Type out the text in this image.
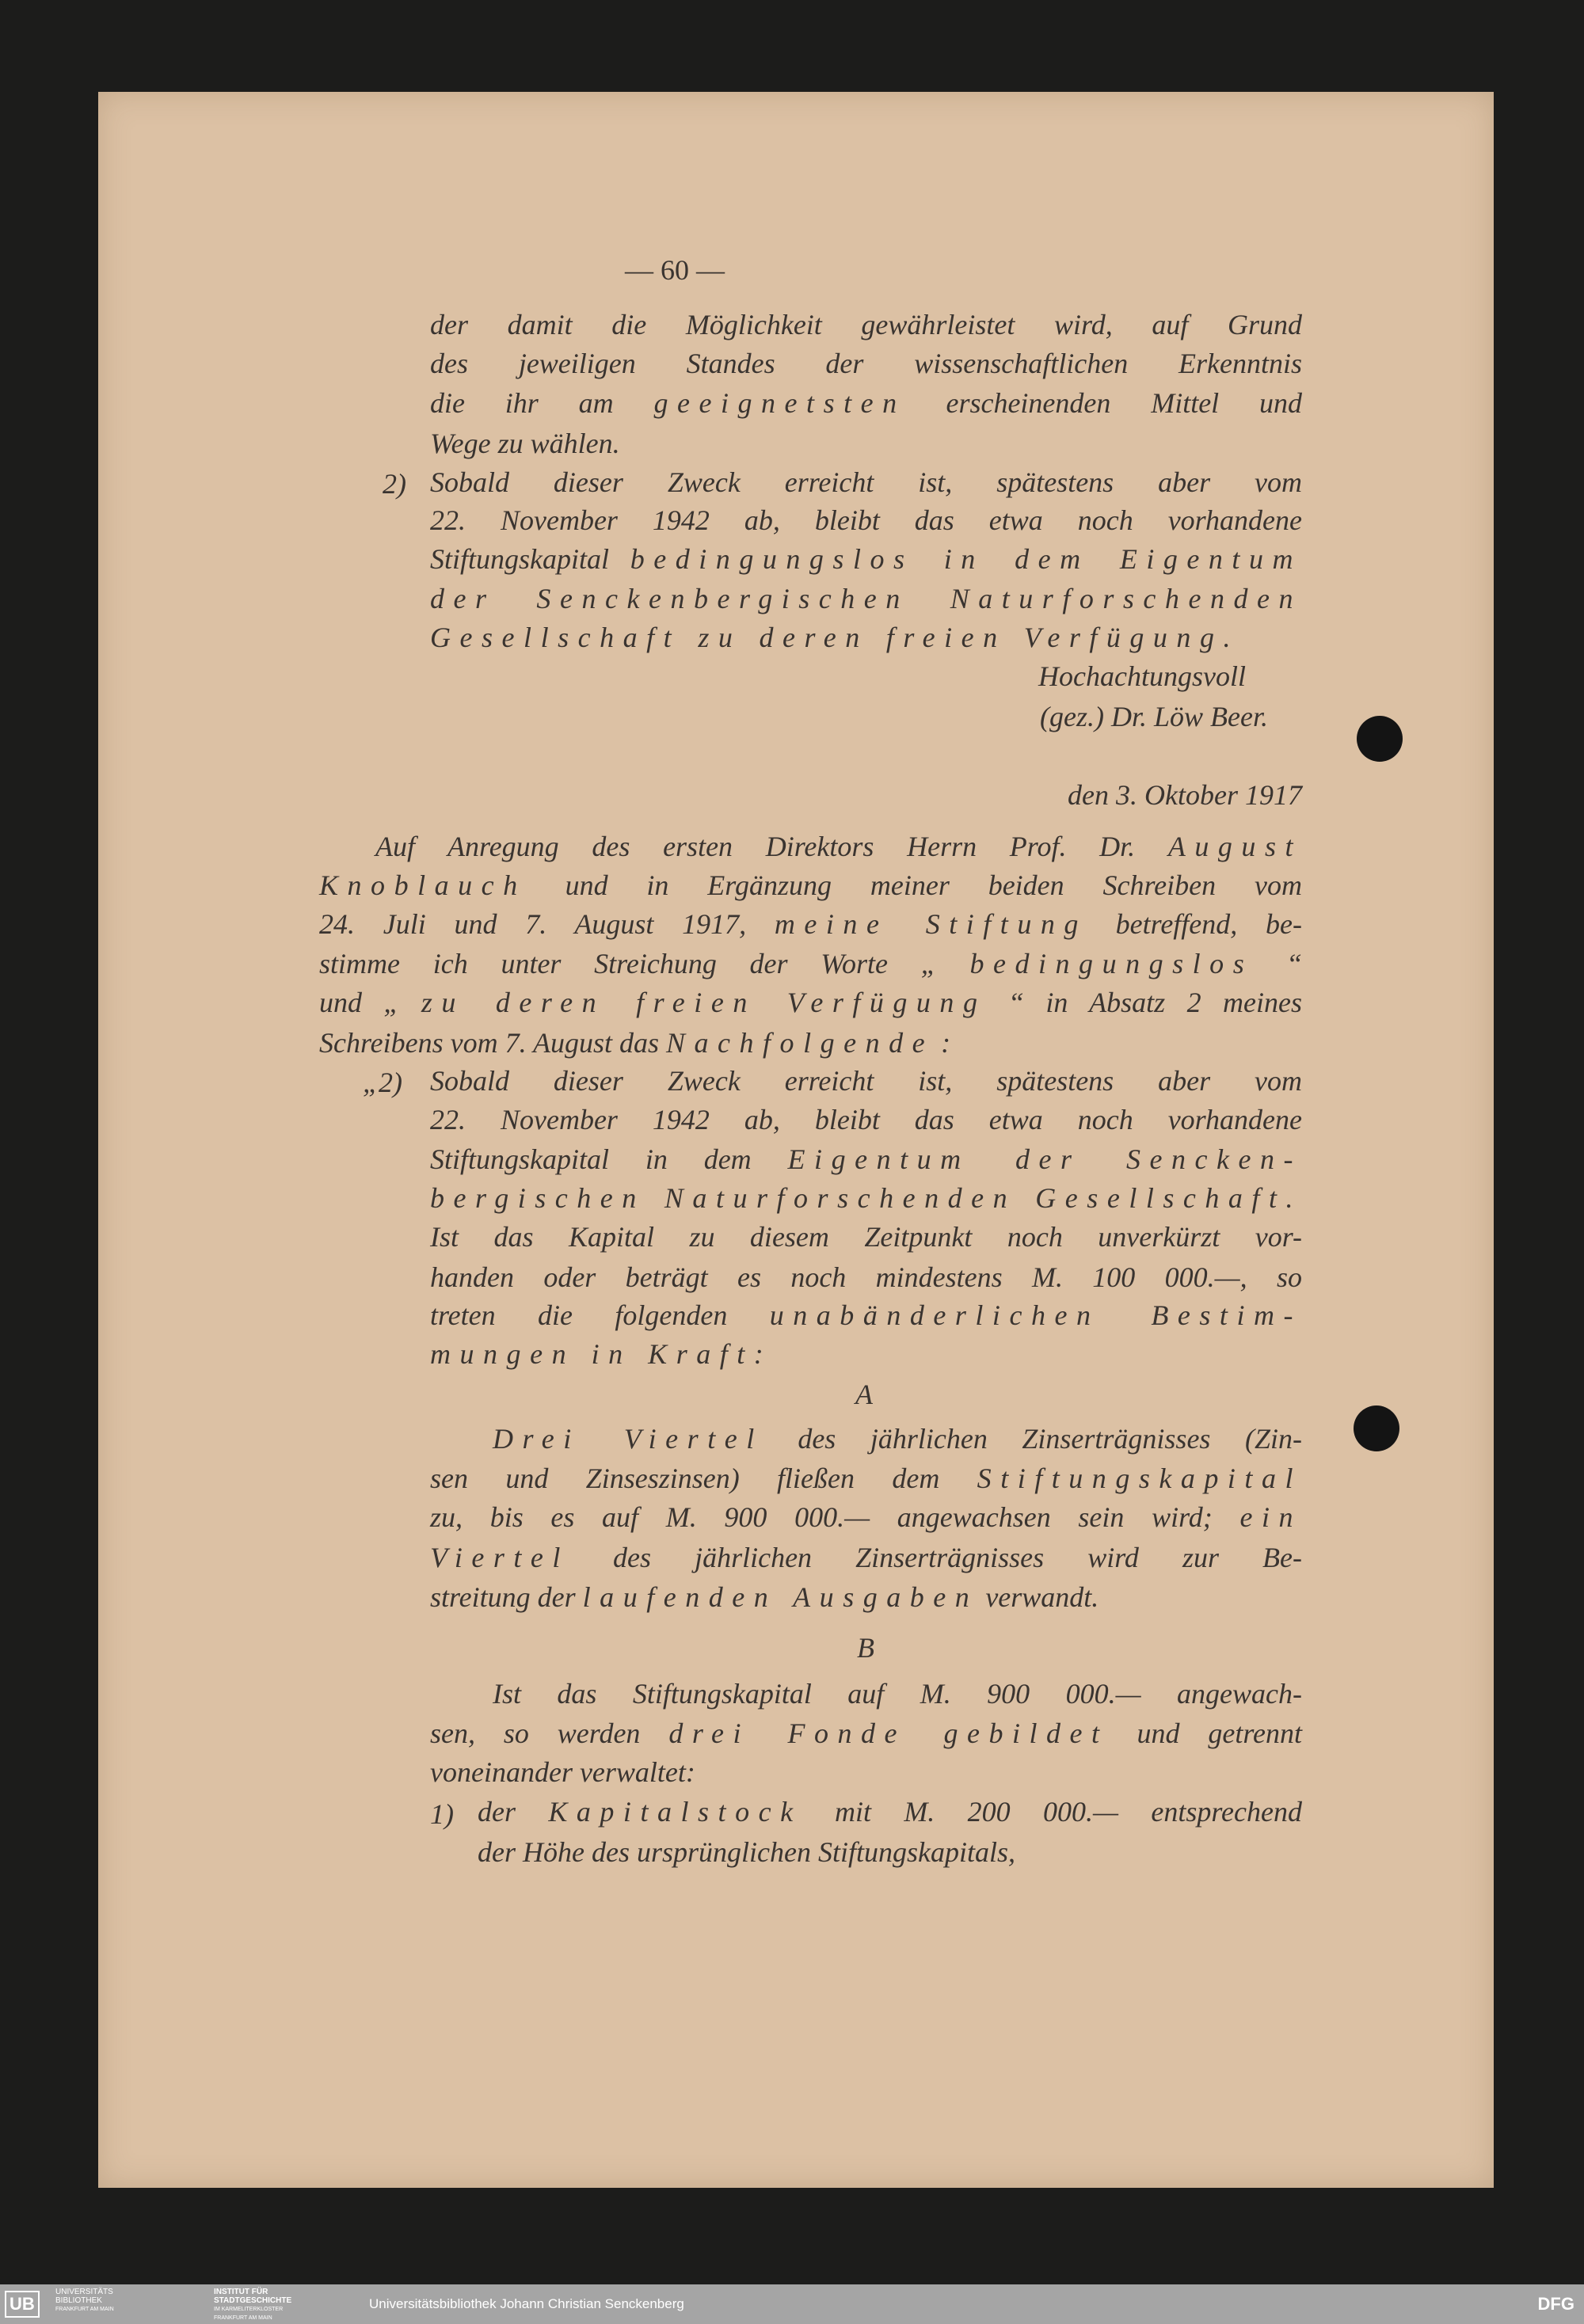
— 60 —
der damit die Möglichkeit gewährleistet wird, auf Grund
des jeweiligen Standes der wissenschaftlichen Erkenntnis
die ihr am geeignetsten erscheinenden Mittel und
Wege zu wählen.
Sobald dieser Zweck erreicht ist, spätestens aber vom
22. November 1942 ab, bleibt das etwa noch vorhandene
Stiftungskapital bedingungslos in dem Eigentum
der Senckenbergischen Naturforschenden
Gesellschaft zu deren freien Verfügung.
Hochachtungsvoll
(gez.) Dr. Löw Beer.
den 3. Oktober 1917
Auf Anregung des ersten Direktors Herrn Prof. Dr. August
Knoblauch und in Ergänzung meiner beiden Schreiben vom
24. Juli und 7. August 1917, meine Stiftung betreffend, be-
stimme ich unter Streichung der Worte „ bedingungslos “
und „ zu deren freien Verfügung “ in Absatz 2 meines
Schreibens vom 7. August das Nachfolgende :
Sobald dieser Zweck erreicht ist, spätestens aber vom
22. November 1942 ab, bleibt das etwa noch vorhandene
Stiftungskapital in dem Eigentum der Sencken-
bergischen Naturforschenden Gesellschaft.
Ist das Kapital zu diesem Zeitpunkt noch unverkürzt vor-
handen oder beträgt es noch mindestens M. 100 000.—, so
treten die folgenden unabänderlichen Bestim-
mungen in Kraft:
A
Drei Viertel des jährlichen Zinserträgnisses (Zin-
sen und Zinseszinsen) fließen dem Stiftungskapital
zu, bis es auf M. 900 000.— angewachsen sein wird; ein
Viertel des jährlichen Zinserträgnisses wird zur Be-
streitung der laufenden Ausgaben verwandt.
B
Ist das Stiftungskapital auf M. 900 000.— angewach-
sen, so werden drei Fonde gebildet und getrennt
voneinander verwaltet:
der Kapitalstock mit M. 200 000.— entsprechend
der Höhe des ursprünglichen Stiftungskapitals,
2)
„2)
1)
UB
UNIVERSITÄTS
BIBLIOTHEK
FRANKFURT AM MAIN
INSTITUT FÜR
STADTGESCHICHTE
IM KARMELITERKLOSTER
FRANKFURT AM MAIN
Universitätsbibliothek Johann Christian Senckenberg	DFG
